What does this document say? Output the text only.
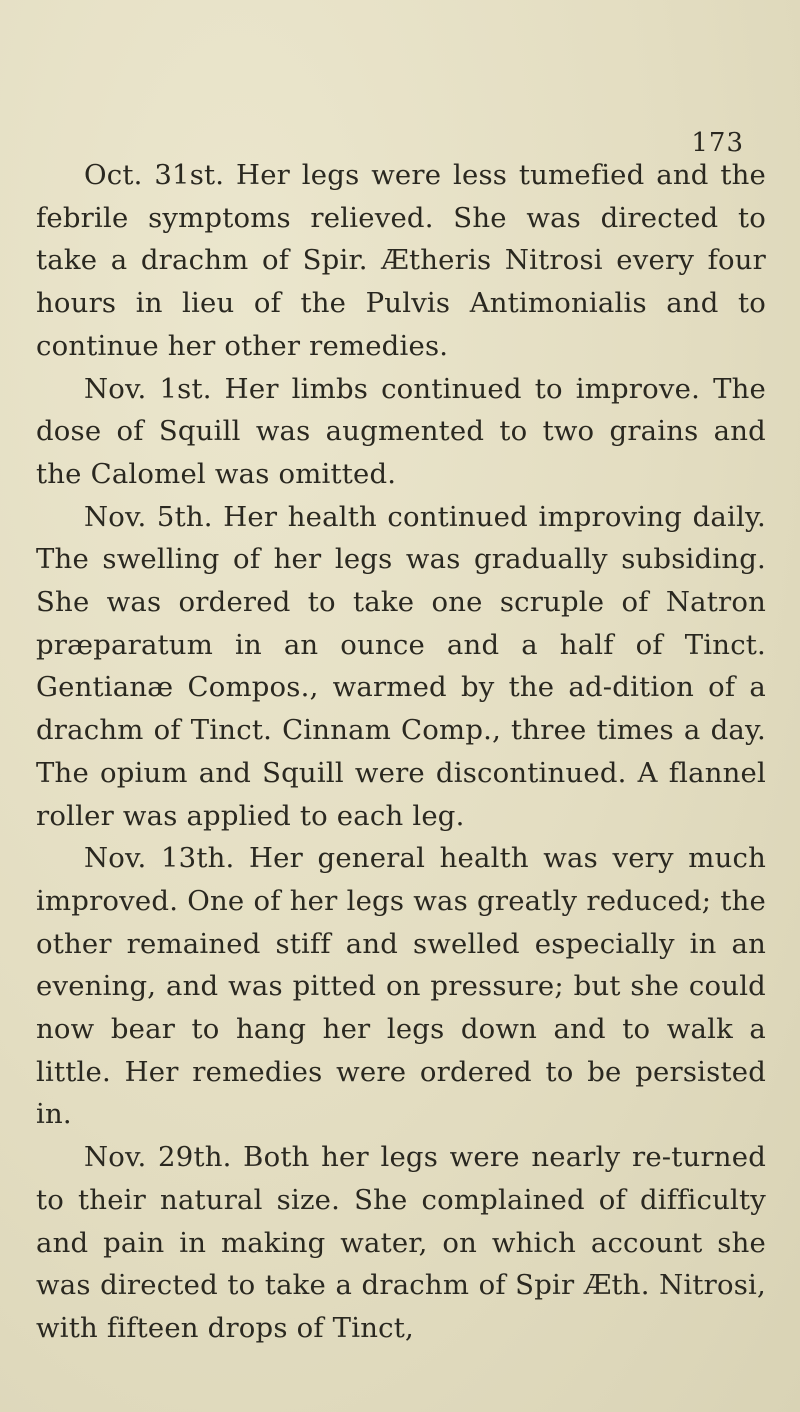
173

Oct. 31st. Her legs were less tumefied and the febrile symptoms relieved. She was directed to take a drachm of Spir. Ætheris Nitrosi every four hours in lieu of the Pulvis Antimonialis and to continue her other remedies.

Nov. 1st. Her limbs continued to improve. The dose of Squill was augmented to two grains and the Calomel was omitted.

Nov. 5th. Her health continued improving daily. The swelling of her legs was gradually subsiding. She was ordered to take one scruple of Natron præparatum in an ounce and a half of Tinct. Gentianæ Compos., warmed by the ad-dition of a drachm of Tinct. Cinnam Comp., three times a day. The opium and Squill were discontinued. A flannel roller was applied to each leg.

Nov. 13th. Her general health was very much improved. One of her legs was greatly reduced; the other remained stiff and swelled especially in an evening, and was pitted on pressure; but she could now bear to hang her legs down and to walk a little. Her remedies were ordered to be persisted in.

Nov. 29th. Both her legs were nearly re-turned to their natural size. She complained of difficulty and pain in making water, on which account she was directed to take a drachm of Spir Æth. Nitrosi, with fifteen drops of Tinct,
